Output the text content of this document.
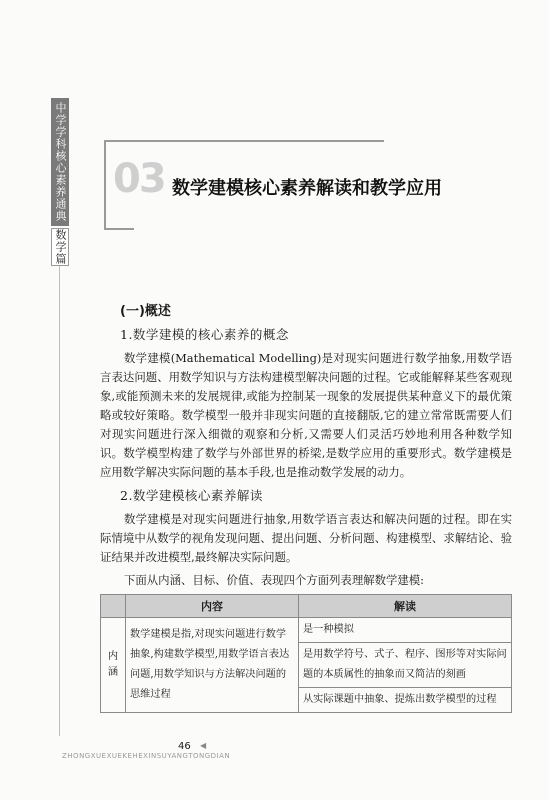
中学学科核心素养通典
数学篇
03 数学建模核心素养解读和教学应用
(一)概述
1.数学建模的核心素养的概念

数学建模(Mathematical Modelling)是对现实问题进行数学抽象,用数学语言表达问题、用数学知识与方法构建模型解决问题的过程。它或能解释某些客观现象,或能预测未来的发展规律,或能为控制某一现象的发展提供某种意义下的最优策略或较好策略。数学模型一般并非现实问题的直接翻版,它的建立常常既需要人们对现实问题进行深入细微的观察和分析,又需要人们灵活巧妙地利用各种数学知识。数学模型构建了数学与外部世界的桥梁,是数学应用的重要形式。数学建模是应用数学解决实际问题的基本手段,也是推动数学发展的动力。

2.数学建模核心素养解读

数学建模是对现实问题进行抽象,用数学语言表达和解决问题的过程。即在实际情境中从数学的视角发现问题、提出问题、分析问题、构建模型、求解结论、验证结果并改进模型,最终解决实际问题。

下面从内涵、目标、价值、表现四个方面列表理解数学建模:

	内容	解读
内涵	数学建模是指,对现实问题进行数学抽象,构建数学模型,用数学语言表达问题,用数学知识与方法解决问题的思维过程	是一种模拟
		是用数学符号、式子、程序、图形等对实际问题的本质属性的抽象而又简洁的刻画
		从实际课题中抽象、提炼出数学模型的过程
46 ◀
ZHONGXUEXUEKEHEXINSUYANGTONGDIAN
